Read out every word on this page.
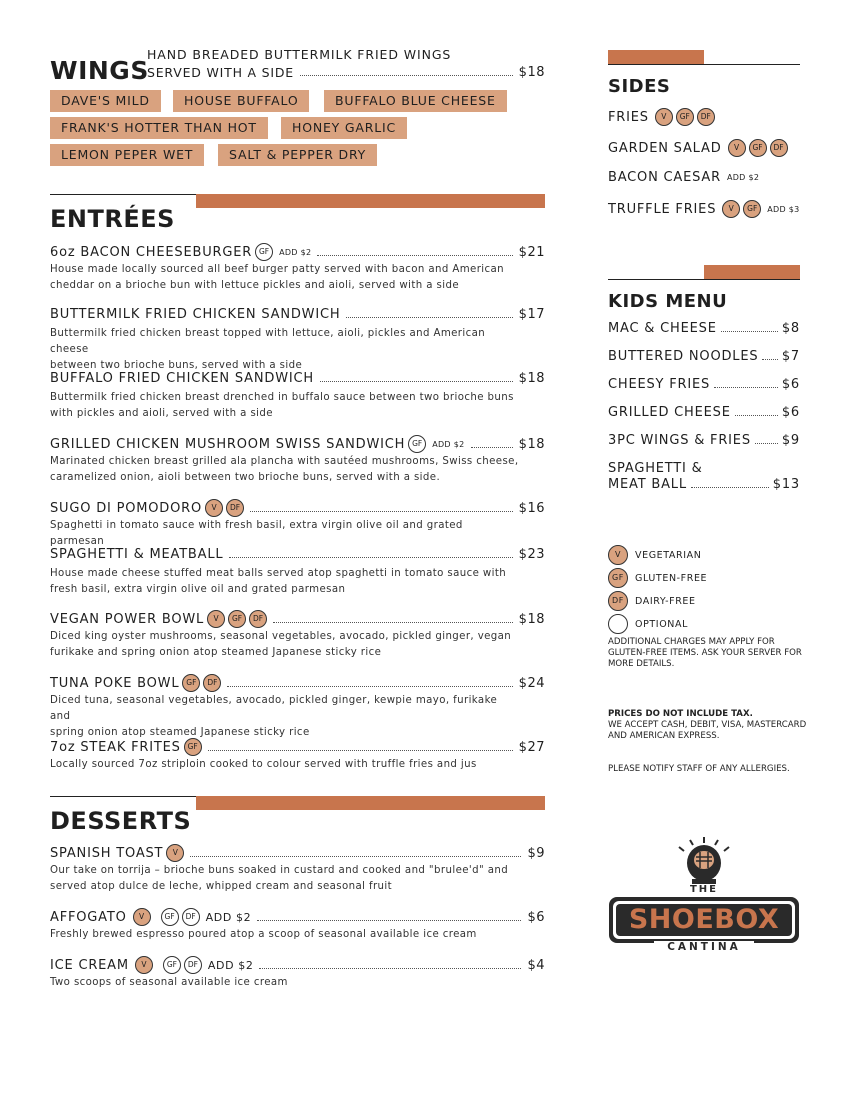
WINGS
HAND BREADED BUTTERMILK FRIED WINGS
SERVED WITH A SIDE	$18
DAVE'S MILD	HOUSE BUFFALO	BUFFALO BLUE CHEESE
FRANK'S HOTTER THAN HOT	HONEY GARLIC
LEMON PEPER WET	SALT & PEPPER DRY
ENTRÉES
6oz BACON CHEESEBURGER GF	ADD $2	$21
House made locally sourced all beef burger patty served with bacon and American
cheddar on a brioche bun with lettuce pickles and aioli, served with a side
BUTTERMILK FRIED CHICKEN SANDWICH	$17
Buttermilk fried chicken breast topped with lettuce, aioli, pickles and American cheese
between two brioche buns, served with a side
BUFFALO FRIED CHICKEN SANDWICH	$18
Buttermilk fried chicken breast drenched in buffalo sauce between two brioche buns
with pickles and aioli, served with a side
GRILLED CHICKEN MUSHROOM SWISS SANDWICH GF	ADD $2	$18
Marinated chicken breast grilled ala plancha with sautéed mushrooms, Swiss cheese,
caramelized onion, aioli between two brioche buns, served with a side.
SUGO DI POMODORO	V	DF	$16
Spaghetti in tomato sauce with fresh basil, extra virgin olive oil and grated parmesan
SPAGHETTI & MEATBALL	$23
House made cheese stuffed meat balls served atop spaghetti in tomato sauce with
fresh basil, extra virgin olive oil and grated parmesan
VEGAN POWER BOWL	V	GF	DF	$18
Diced king oyster mushrooms, seasonal vegetables, avocado, pickled ginger, vegan
furikake and spring onion atop steamed Japanese sticky rice
TUNA POKE BOWL GF	DF	$24
Diced tuna, seasonal vegetables, avocado, pickled ginger, kewpie mayo, furikake and
spring onion atop steamed Japanese sticky rice
7oz STEAK FRITES GF	$27
Locally sourced 7oz striploin cooked to colour served with truffle fries and jus
DESSERTS
SPANISH TOAST	V	$9
Our take on torrija – brioche buns soaked in custard and cooked and "brulee'd" and
served atop dulce de leche, whipped cream and seasonal fruit
AFFOGATO	V	GF	DF ADD $2	$6
Freshly brewed espresso poured atop a scoop of seasonal available ice cream
ICE CREAM	V	GF	DF ADD $2	$4
Two scoops of seasonal available ice cream
SIDES
FRIES	V	GF	DF
GARDEN SALAD	V	GF	DF
BACON CAESAR ADD $2
TRUFFLE FRIES	V	GF	ADD $3
KIDS MENU
MAC & CHEESE	$8
BUTTERED NOODLES $7
CHEESY FRIES	$6
GRILLED CHEESE	$6
3PC WINGS & FRIES $9
SPAGHETTI &
MEAT BALL	$13
V	VEGETARIAN
GF	GLUTEN-FREE
DF	DAIRY-FREE
OPTIONAL
ADDITIONAL CHARGES MAY APPLY FOR GLUTEN-FREE ITEMS. ASK YOUR SERVER FOR MORE DETAILS.
PRICES DO NOT INCLUDE TAX.
WE ACCEPT CASH, DEBIT, VISA, MASTERCARD AND AMERICAN EXPRESS.
PLEASE NOTIFY STAFF OF ANY ALLERGIES.
THE
SHOEBOX
CANTINA
